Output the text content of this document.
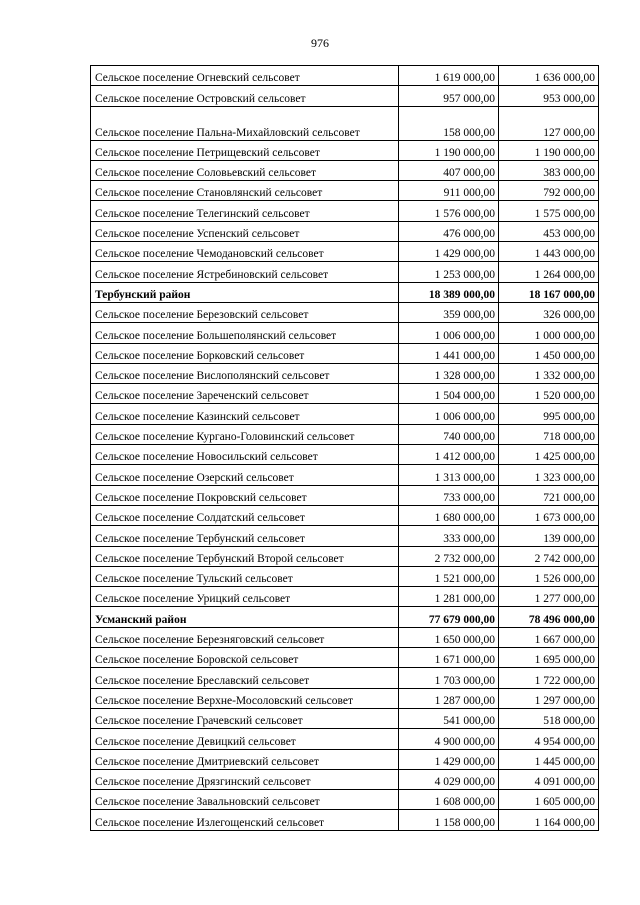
976
Сельское поселение Огневский сельсовет	1 619 000,00	1 636 000,00
Сельское поселение Островский сельсовет	957 000,00	953 000,00
Сельское поселение Пальна-Михайловский сельсовет	158 000,00	127 000,00
Сельское поселение Петрищевский сельсовет	1 190 000,00	1 190 000,00
Сельское поселение Соловьевский сельсовет	407 000,00	383 000,00
Сельское поселение Становлянский сельсовет	911 000,00	792 000,00
Сельское поселение Телегинский сельсовет	1 576 000,00	1 575 000,00
Сельское поселение Успенский сельсовет	476 000,00	453 000,00
Сельское поселение Чемодановский сельсовет	1 429 000,00	1 443 000,00
Сельское поселение Ястребиновский сельсовет	1 253 000,00	1 264 000,00
Тербунский район	18 389 000,00	18 167 000,00
Сельское поселение Березовский сельсовет	359 000,00	326 000,00
Сельское поселение Большеполянский сельсовет	1 006 000,00	1 000 000,00
Сельское поселение Борковский сельсовет	1 441 000,00	1 450 000,00
Сельское поселение Вислополянский сельсовет	1 328 000,00	1 332 000,00
Сельское поселение Зареченский сельсовет	1 504 000,00	1 520 000,00
Сельское поселение Казинский сельсовет	1 006 000,00	995 000,00
Сельское поселение Кургано-Головинский сельсовет	740 000,00	718 000,00
Сельское поселение Новосильский сельсовет	1 412 000,00	1 425 000,00
Сельское поселение Озерский сельсовет	1 313 000,00	1 323 000,00
Сельское поселение Покровский сельсовет	733 000,00	721 000,00
Сельское поселение Солдатский сельсовет	1 680 000,00	1 673 000,00
Сельское поселение Тербунский сельсовет	333 000,00	139 000,00
Сельское поселение Тербунский Второй сельсовет	2 732 000,00	2 742 000,00
Сельское поселение Тульский сельсовет	1 521 000,00	1 526 000,00
Сельское поселение Урицкий сельсовет	1 281 000,00	1 277 000,00
Усманский район	77 679 000,00	78 496 000,00
Сельское поселение Березняговский сельсовет	1 650 000,00	1 667 000,00
Сельское поселение Боровской сельсовет	1 671 000,00	1 695 000,00
Сельское поселение Бреславский сельсовет	1 703 000,00	1 722 000,00
Сельское поселение Верхне-Мосоловский сельсовет	1 287 000,00	1 297 000,00
Сельское поселение Грачевский сельсовет	541 000,00	518 000,00
Сельское поселение Девицкий сельсовет	4 900 000,00	4 954 000,00
Сельское поселение Дмитриевский сельсовет	1 429 000,00	1 445 000,00
Сельское поселение Дрязгинский сельсовет	4 029 000,00	4 091 000,00
Сельское поселение Завальновский сельсовет	1 608 000,00	1 605 000,00
Сельское поселение Излегощенский сельсовет	1 158 000,00	1 164 000,00
